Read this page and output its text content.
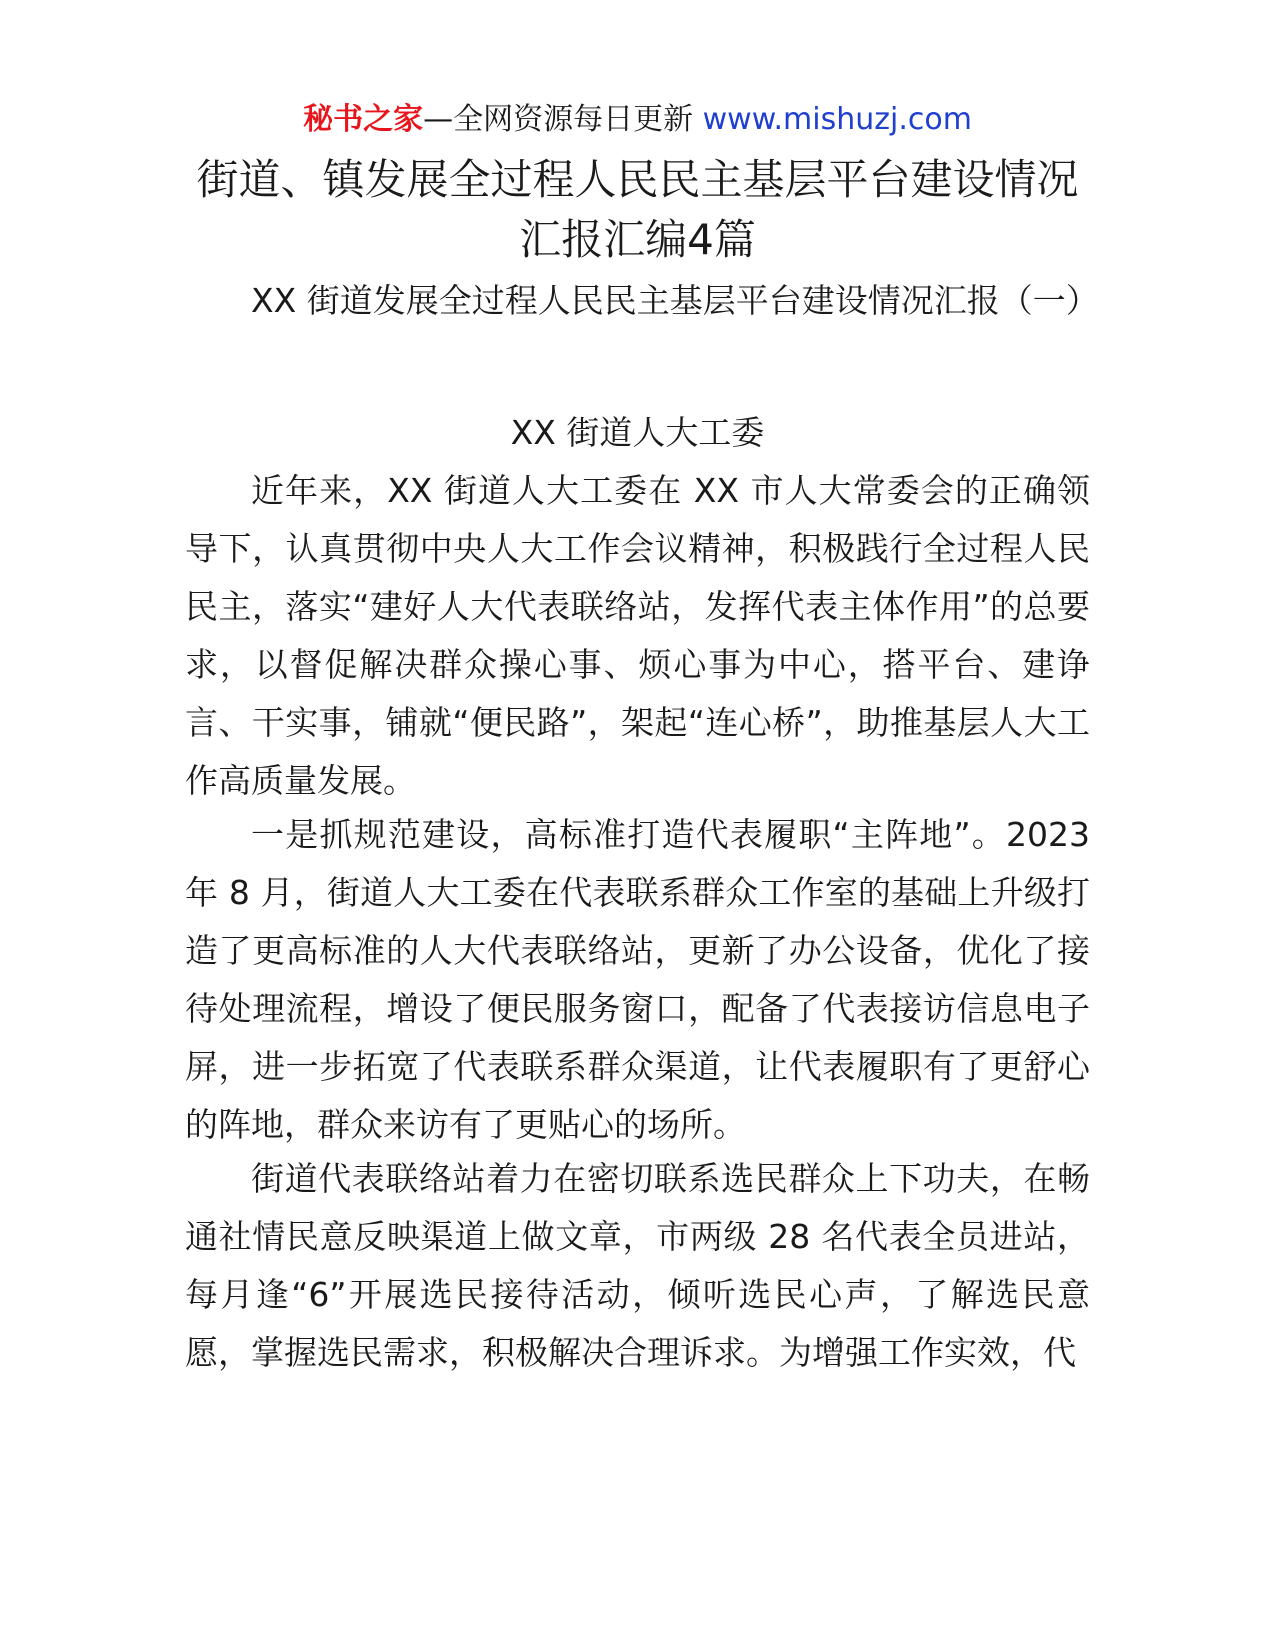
秘书之家—全网资源每日更新 www.mishuzj.com
街道、镇发展全过程人民民主基层平台建设情况汇报汇编4篇

XX 街道发展全过程人民民主基层平台建设情况汇报（一）

XX 街道人大工委

近年来，XX 街道人大工委在 XX 市人大常委会的正确领导下，认真贯彻中央人大工作会议精神，积极践行全过程人民民主，落实“建好人大代表联络站，发挥代表主体作用”的总要求，以督促解决群众操心事、烦心事为中心，搭平台、建诤言、干实事，铺就“便民路”，架起“连心桥”，助推基层人大工作高质量发展。

一是抓规范建设，高标准打造代表履职“主阵地”。2023 年 8 月，街道人大工委在代表联系群众工作室的基础上升级打造了更高标准的人大代表联络站，更新了办公设备，优化了接待处理流程，增设了便民服务窗口，配备了代表接访信息电子屏，进一步拓宽了代表联系群众渠道，让代表履职有了更舒心的阵地，群众来访有了更贴心的场所。

街道代表联络站着力在密切联系选民群众上下功夫，在畅通社情民意反映渠道上做文章，市两级 28 名代表全员进站，每月逢“6”开展选民接待活动，倾听选民心声，了解选民意愿，掌握选民需求，积极解决合理诉求。为增强工作实效，代
